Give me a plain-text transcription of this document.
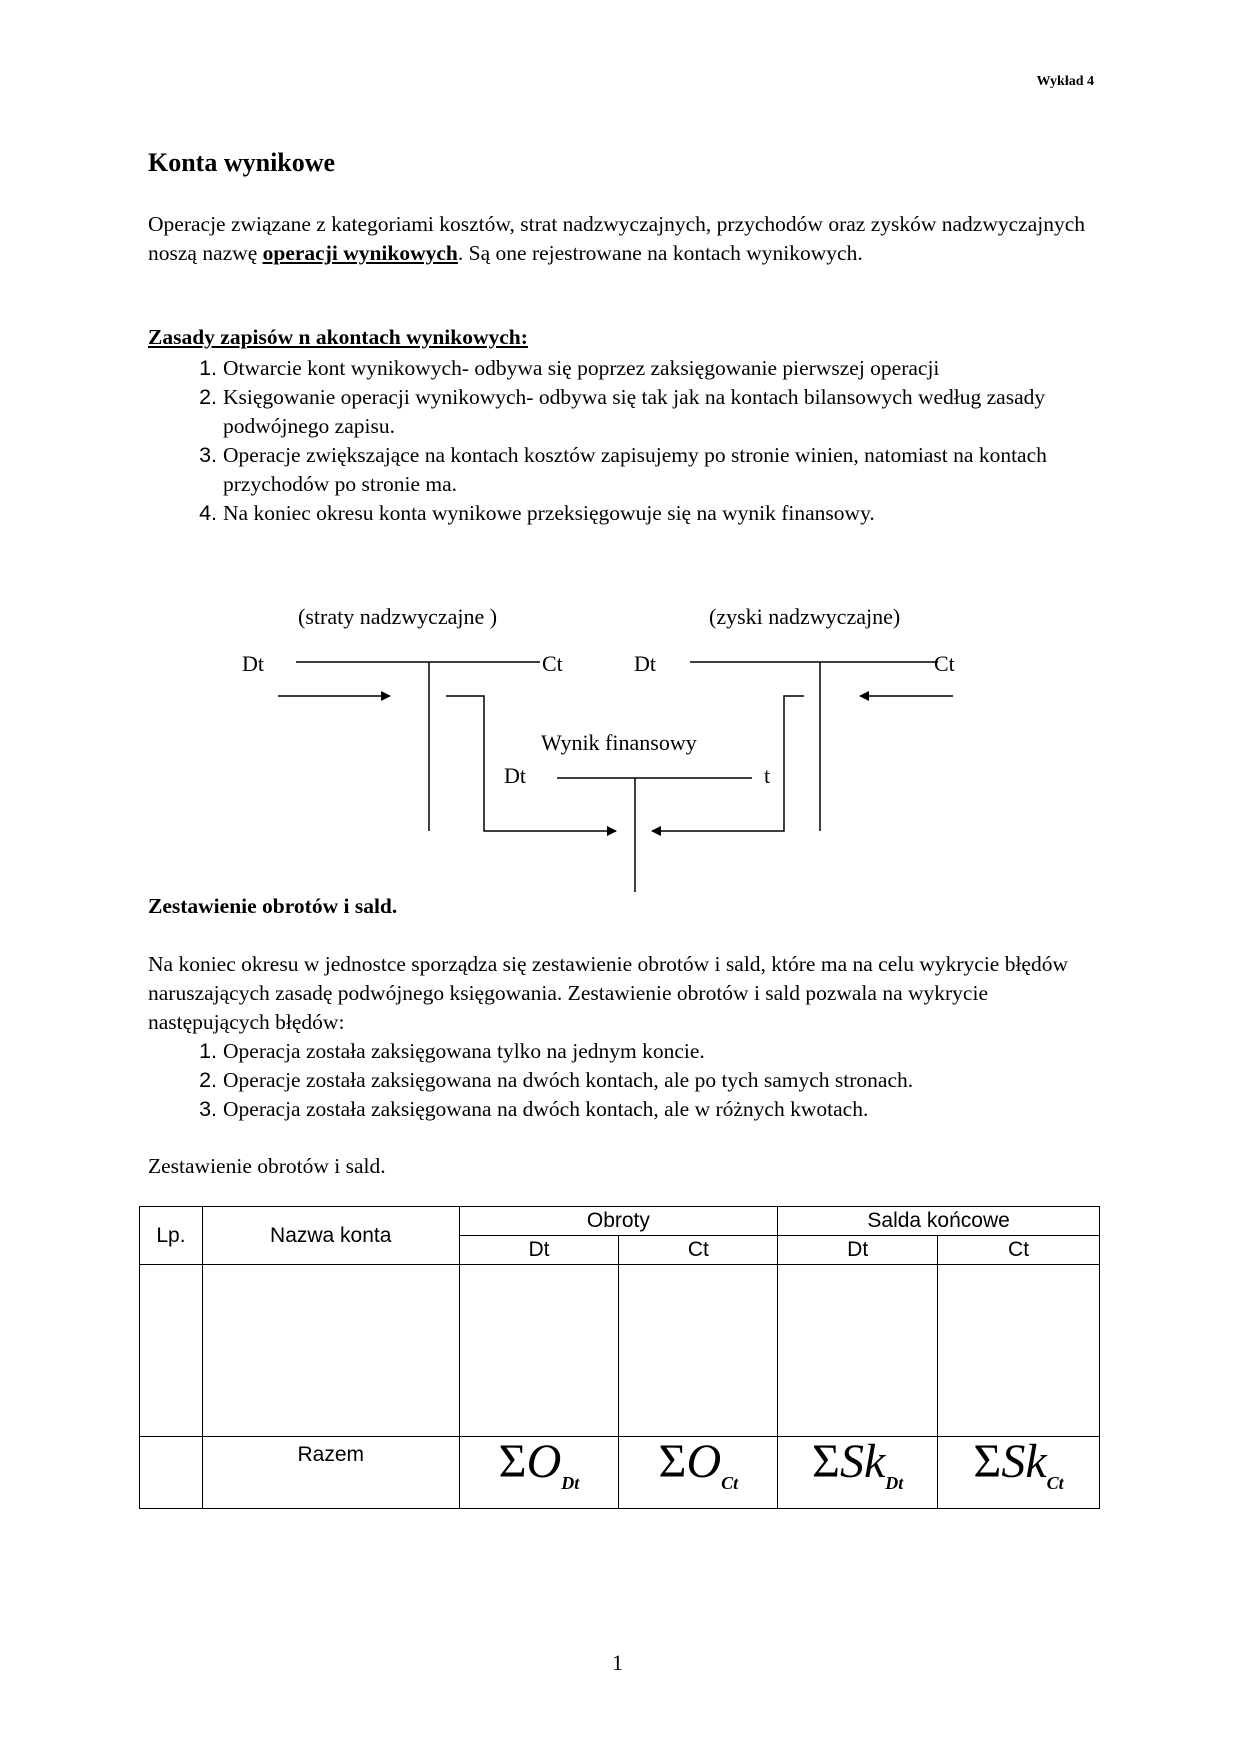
Wykład 4
Konta wynikowe
Operacje związane z kategoriami kosztów, strat nadzwyczajnych, przychodów oraz zysków nadzwyczajnych noszą nazwę operacji wynikowych. Są one rejestrowane na kontach wynikowych.
Zasady zapisów n akontach wynikowych:
1. Otwarcie kont wynikowych- odbywa się poprzez zaksięgowanie pierwszej operacji
2. Księgowanie operacji wynikowych- odbywa się tak jak na kontach bilansowych według zasady podwójnego zapisu.
3. Operacje zwiększające na kontach kosztów zapisujemy po stronie winien, natomiast na kontach przychodów po stronie ma.
4. Na koniec okresu konta wynikowe przeksięgowuje się na wynik finansowy.
(straty nadzwyczajne )	(zyski nadzwyczajne)
Dt	Ct	Dt	Ct
Wynik finansowy
Dt	t
Zestawienie obrotów i sald.
Na koniec okresu w jednostce sporządza się zestawienie obrotów i sald, które ma na celu wykrycie błędów naruszających zasadę podwójnego księgowania. Zestawienie obrotów i sald pozwala na wykrycie następujących błędów:
1. Operacja została zaksięgowana tylko na jednym koncie.
2. Operacje została zaksięgowana na dwóch kontach, ale po tych samych stronach.
3. Operacja została zaksięgowana na dwóch kontach, ale w różnych kwotach.
Zestawienie obrotów i sald.
Lp.	Nazwa konta	Obroty		Salda końcowe	
		Dt	Ct	Dt	Ct

	Razem	$\Sigma O_{Dt}$	$\Sigma O_{Ct}$	ΣSk$_{Dt}$	ΣSk$_{Ct}$
1
